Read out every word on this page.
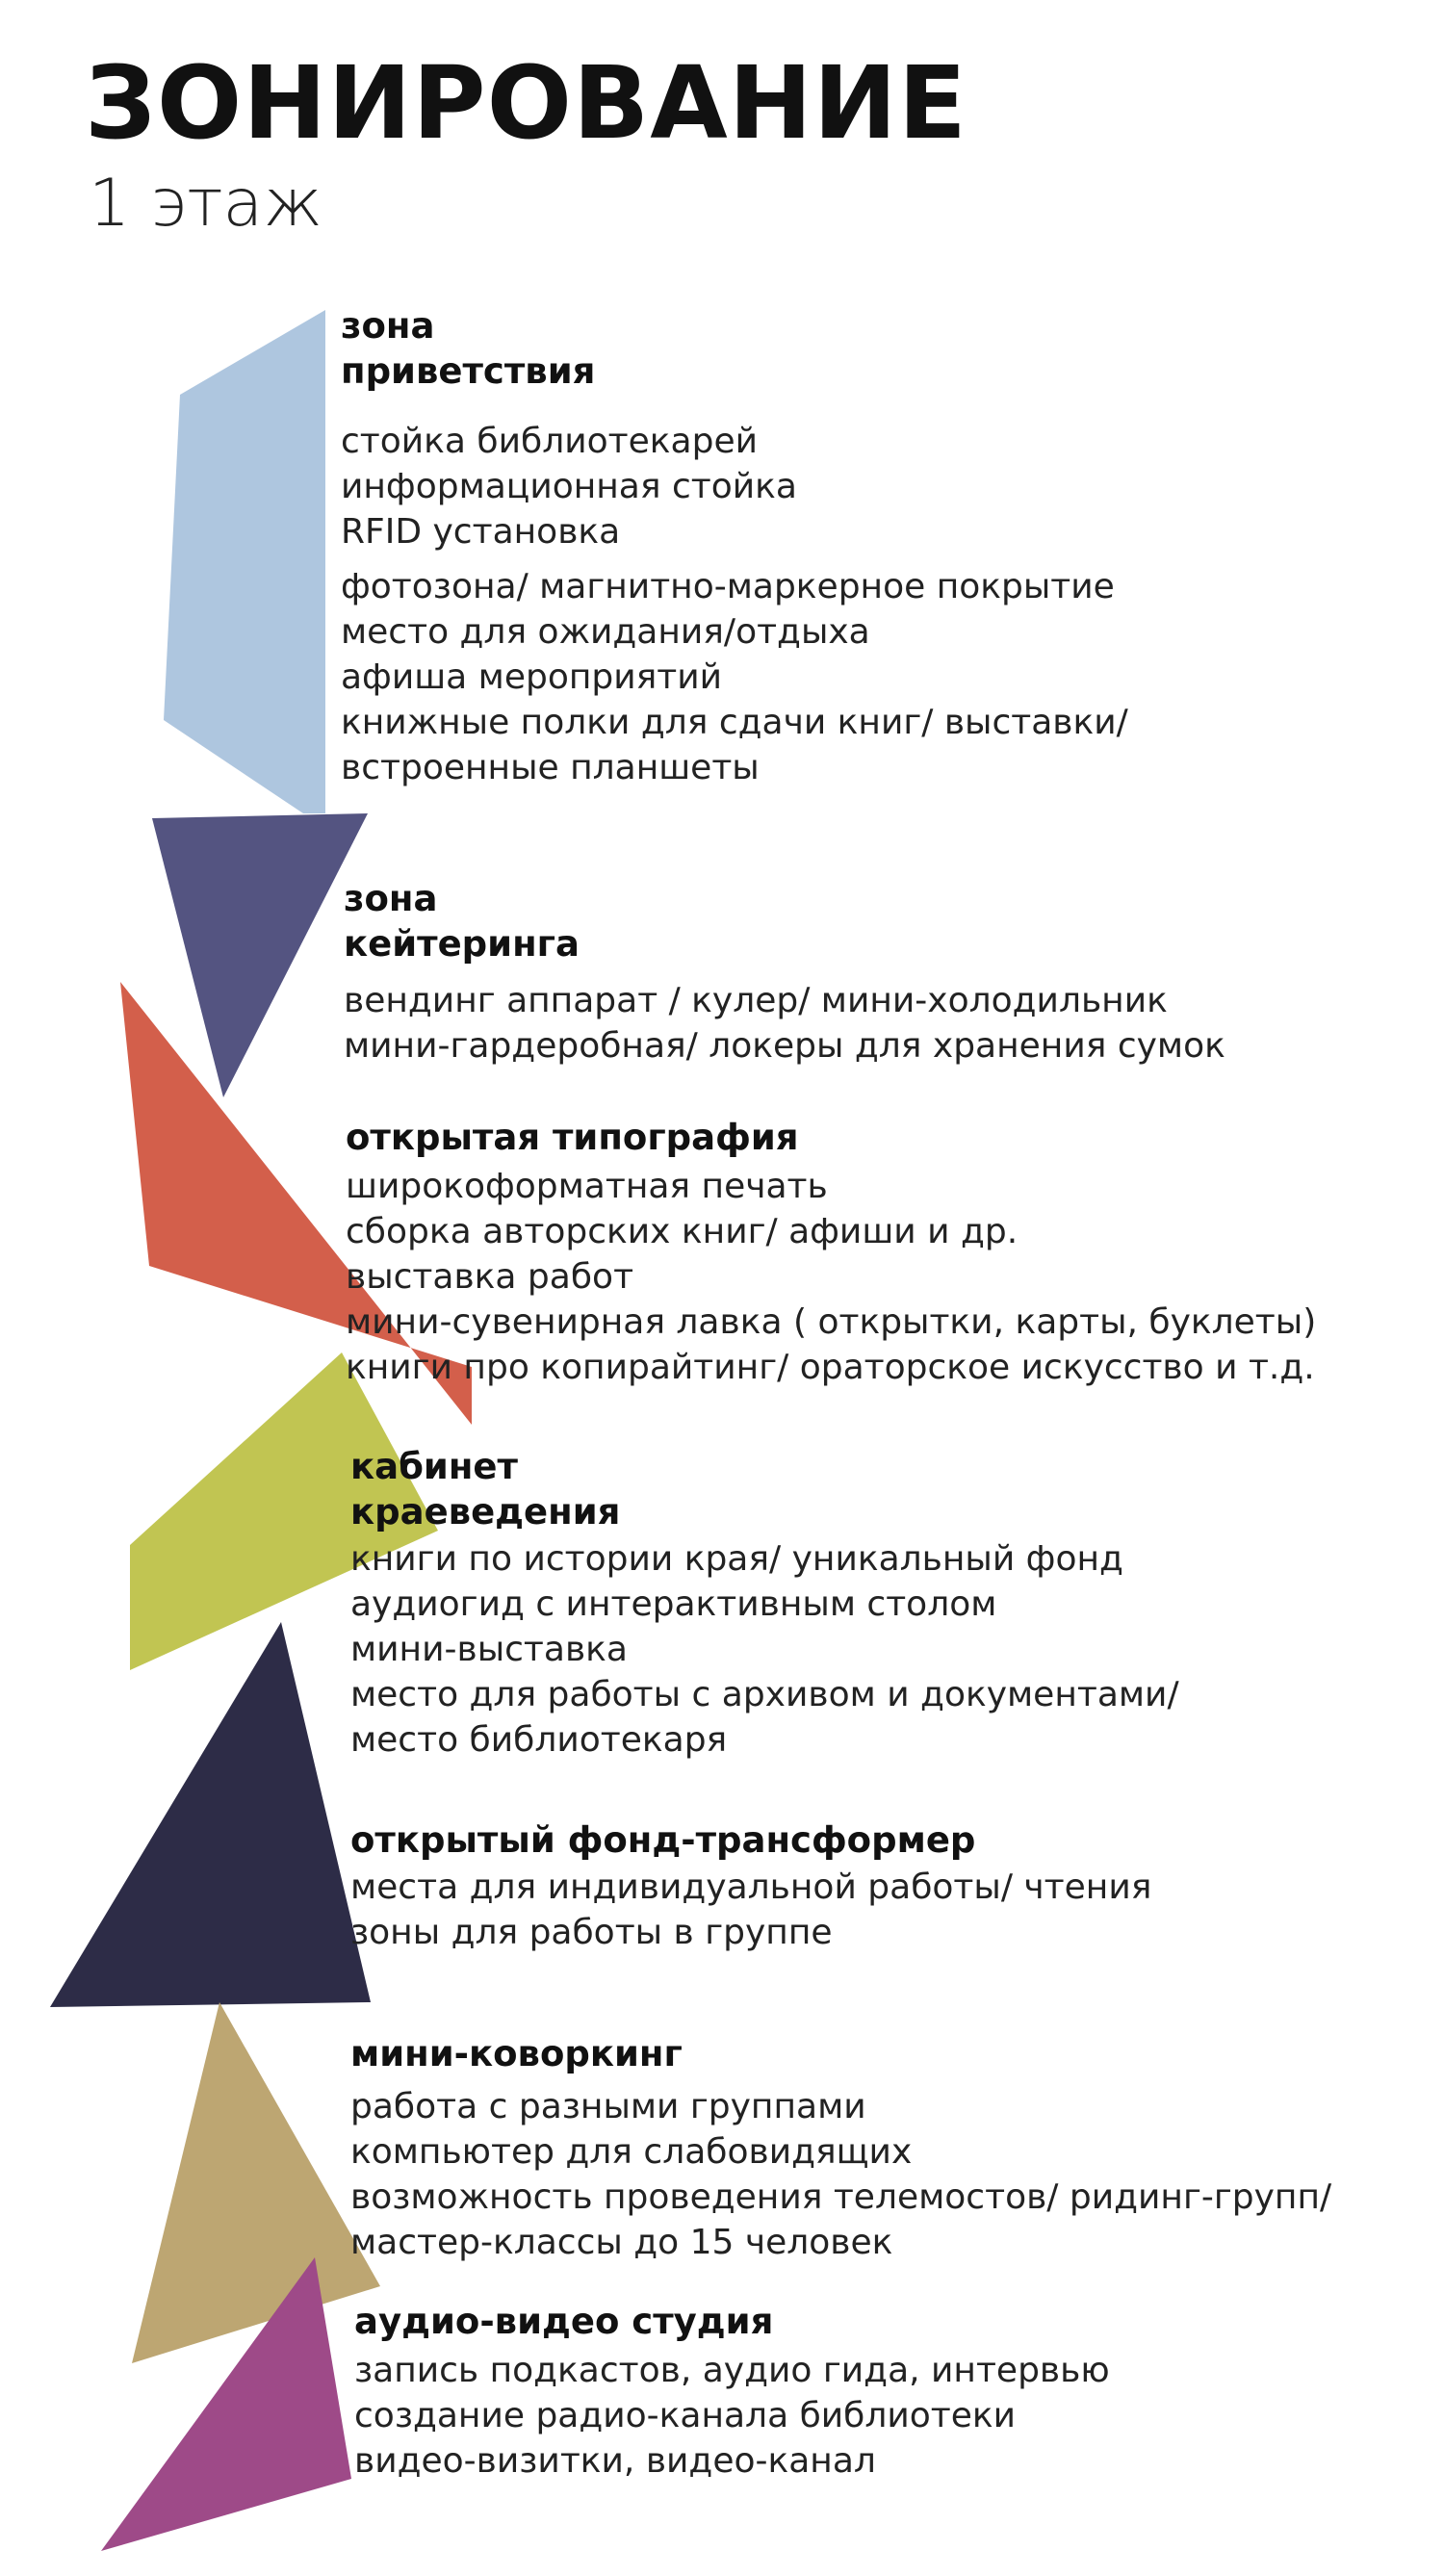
ЗОНИРОВАНИЕ
1 этаж
зона
приветствия
стойка библиотекарей
информационная стойка
RFID установка
фотозона/ магнитно-маркерное покрытие
место для ожидания/отдыха
афиша мероприятий
книжные полки для сдачи книг/ выставки/
встроенные планшеты
зона
кейтеринга
вендинг аппарат / кулер/ мини-холодильник
мини-гардеробная/ локеры для хранения сумок
открытая типография
широкоформатная печать
сборка авторских книг/ афиши и др.
выставка работ
мини-сувенирная лавка ( открытки, карты, буклеты)
книги про копирайтинг/ ораторское искусство и т.д.
кабинет
краеведения
книги по истории края/ уникальный фонд
аудиогид с интерактивным столом
мини-выставка
место для работы с архивом и документами/
место библиотекаря
открытый фонд-трансформер
места для индивидуальной работы/ чтения
зоны для работы в группе
мини-коворкинг
работа с разными группами
компьютер для слабовидящих
возможность проведения телемостов/ ридинг-групп/
мастер-классы до 15 человек
аудио-видео студия
запись подкастов, аудио гида, интервью
создание радио-канала библиотеки
видео-визитки, видео-канал
